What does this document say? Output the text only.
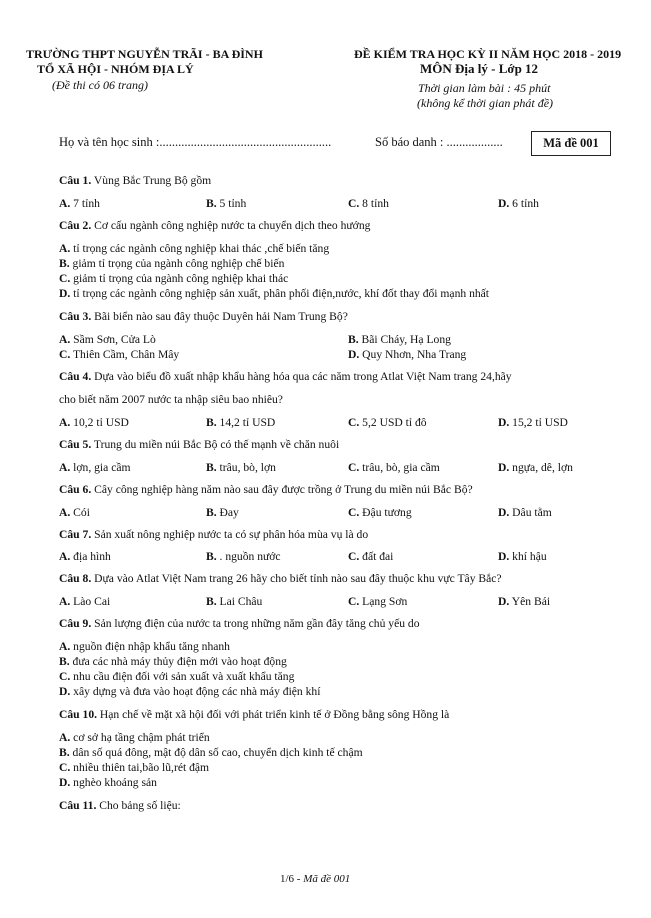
TRƯỜNG THPT NGUYỄN TRÃI - BA ĐÌNH
TỔ XÃ HỘI - NHÓM ĐỊA LÝ
(Đề thi có 06 trang)
ĐỀ KIỂM TRA HỌC KỲ II NĂM HỌC 2018 - 2019
MÔN Địa lý - Lớp 12
Thời gian làm bài : 45 phút
(không kể thời gian phát đề)
Họ và tên học sinh :.......................................................	Số báo danh : ..................	Mã đề 001
Câu 1. Vùng Bắc Trung Bộ gồm
A. 7 tỉnh	B. 5 tỉnh	C. 8 tỉnh	D. 6 tỉnh
Câu 2. Cơ cấu ngành công nghiệp nước ta chuyển dịch theo hướng
A. tỉ trọng các ngành công nghiệp khai thác ,chế biến tăng
B. giảm tỉ trọng của ngành công nghiệp chế biến
C. giảm tỉ trọng của ngành công nghiệp khai thác
D. tỉ trọng các ngành công nghiệp sản xuất, phân phối điện,nước, khí đốt thay đổi mạnh nhất
Câu 3. Bãi biển nào sau đây thuộc Duyên hải Nam Trung Bộ?
A. Sầm Sơn, Cửa Lò	B. Bãi Cháy, Hạ Long
C. Thiên Cầm, Chân Mây	D. Quy Nhơn, Nha Trang
Câu 4. Dựa vào biểu đồ xuất nhập khẩu hàng hóa qua các năm trong Atlat Việt Nam trang 24,hãy
cho biết năm 2007 nước ta nhập siêu bao nhiêu?
A. 10,2 tỉ USD	B. 14,2 tỉ USD	C. 5,2 USD tỉ đô	D. 15,2 tỉ USD
Câu 5. Trung du miền núi Bắc Bộ có thế mạnh về chăn nuôi
A. lợn, gia cầm	B. trâu, bò, lợn	C. trâu, bò, gia cầm	D. ngựa, dê, lợn
Câu 6. Cây công nghiệp hàng năm nào sau đây được trồng ở Trung du miền núi Bắc Bộ?
A. Cói	B. Đay	C. Đậu tương	D. Dâu tằm
Câu 7. Sản xuất nông nghiệp nước ta có sự phân hóa mùa vụ là do
A. địa hình	B. . nguồn nước	C. đất đai	D. khí hậu
Câu 8. Dựa vào Atlat Việt Nam trang 26 hãy cho biết tỉnh nào sau đây thuộc khu vực Tây Bắc?
A. Lào Cai	B. Lai Châu	C. Lạng Sơn	D. Yên Bái
Câu 9. Sản lượng điện của nước ta trong những năm gần đây tăng chủ yếu do
A. nguồn điện nhập khẩu tăng nhanh
B. đưa các nhà máy thủy điện mới vào hoạt động
C. nhu cầu điện đối với sản xuất và xuất khẩu tăng
D. xây dựng và đưa vào hoạt động các nhà máy điện khí
Câu 10. Hạn chế về mặt xã hội đối với phát triển kinh tế ở Đồng bằng sông Hồng là
A. cơ sở hạ tầng chậm phát triển
B. dân số quá đông, mật độ dân số cao, chuyển dịch kinh tế chậm
C. nhiều thiên tai,bão lũ,rét đậm
D. nghèo khoáng sản
Câu 11. Cho bảng số liệu:
1/6 - Mã đề 001
